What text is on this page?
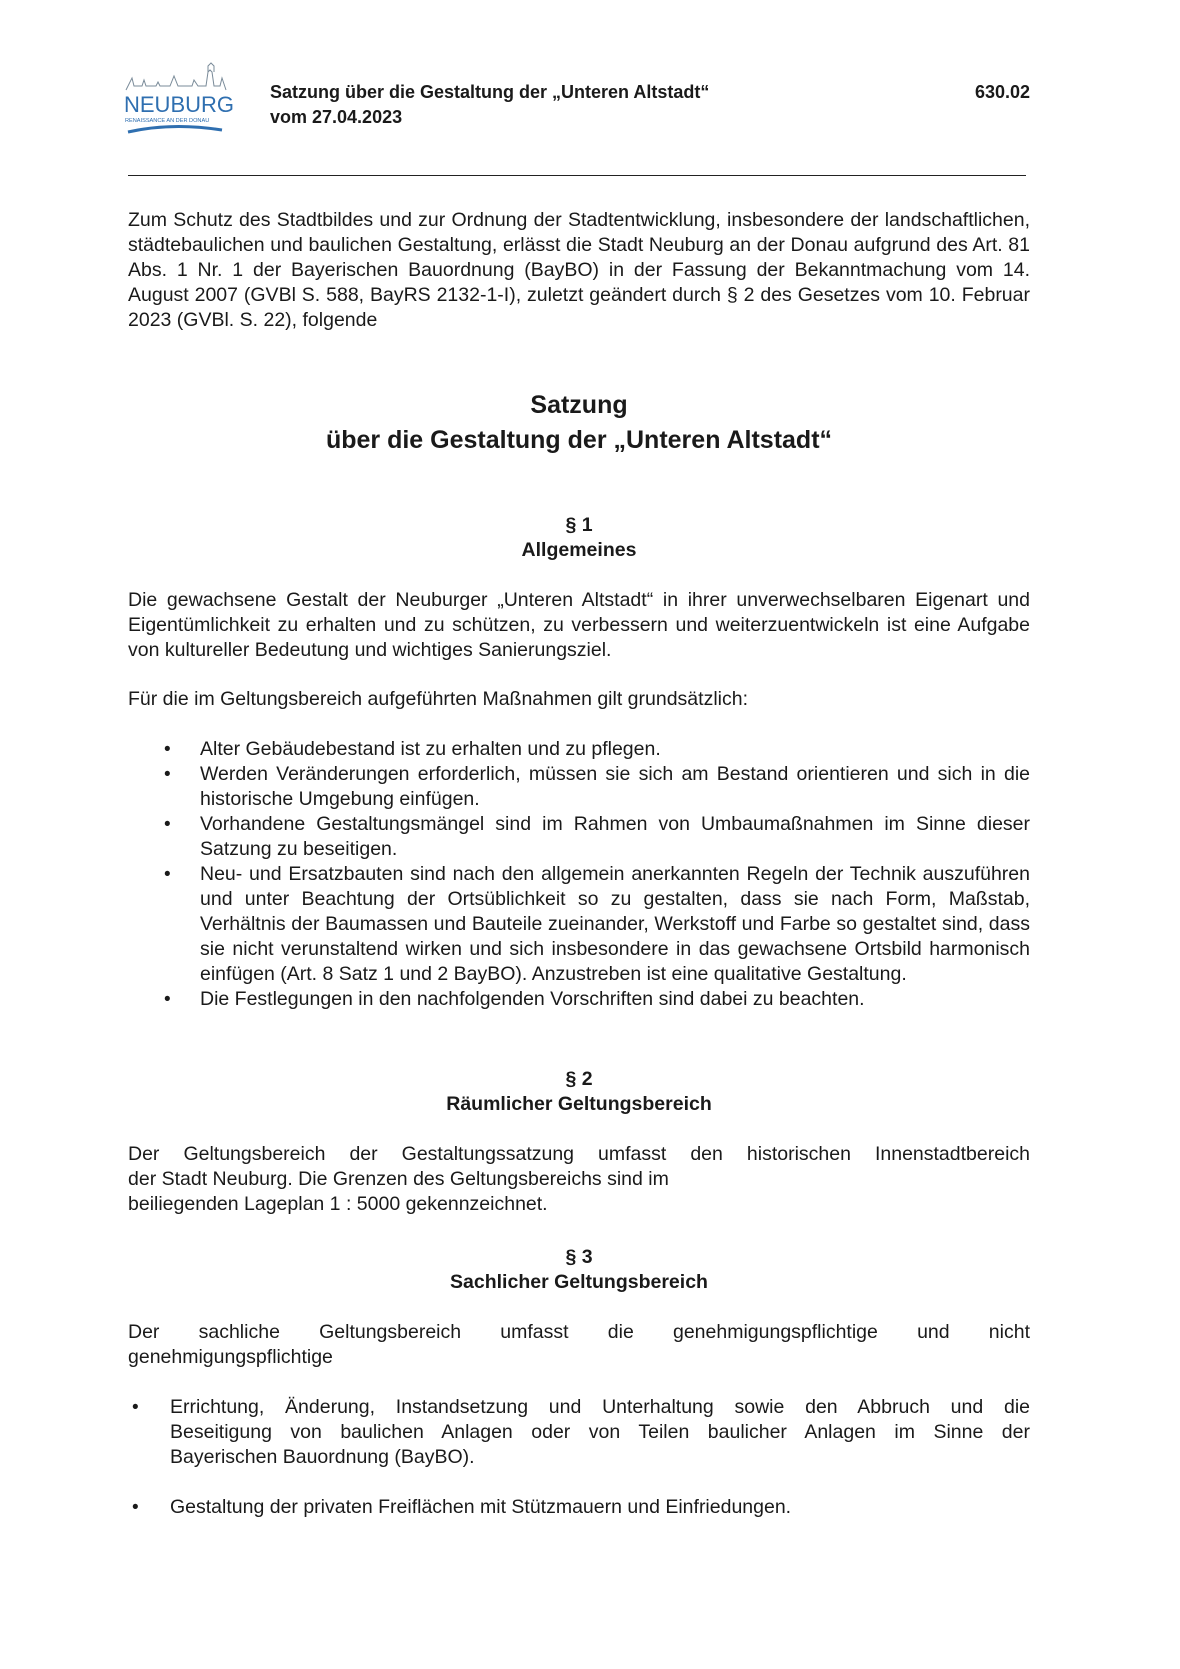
NEUBURG
RENAISSANCE AN DER DONAU
Satzung über die Gestaltung der „Unteren Altstadt“
vom 27.04.2023
630.02

Zum Schutz des Stadtbildes und zur Ordnung der Stadtentwicklung, insbesondere der landschaftlichen, städtebaulichen und baulichen Gestaltung, erlässt die Stadt Neuburg an der Donau aufgrund des Art. 81 Abs. 1 Nr. 1 der Bayerischen Bauordnung (BayBO) in der Fassung der Bekanntmachung vom 14. August 2007 (GVBl S. 588, BayRS 2132-1-I), zuletzt geändert durch § 2 des Gesetzes vom 10. Februar 2023 (GVBl. S. 22), folgende

Satzung

über die Gestaltung der „Unteren Altstadt“

§ 1

Allgemeines

Die gewachsene Gestalt der Neuburger „Unteren Altstadt“ in ihrer unverwechselbaren Eigenart und Eigentümlichkeit zu erhalten und zu schützen, zu verbessern und weiterzuentwickeln ist eine Aufgabe von kultureller Bedeutung und wichtiges Sanierungsziel.

Für die im Geltungsbereich aufgeführten Maßnahmen gilt grundsätzlich:

• Alter Gebäudebestand ist zu erhalten und zu pflegen.
• Werden Veränderungen erforderlich, müssen sie sich am Bestand orientieren und sich in die historische Umgebung einfügen.
• Vorhandene Gestaltungsmängel sind im Rahmen von Umbaumaßnahmen im Sinne dieser Satzung zu beseitigen.
• Neu- und Ersatzbauten sind nach den allgemein anerkannten Regeln der Technik auszuführen und unter Beachtung der Ortsüblichkeit so zu gestalten, dass sie nach Form, Maßstab, Verhältnis der Baumassen und Bauteile zueinander, Werkstoff und Farbe so gestaltet sind, dass sie nicht verunstaltend wirken und sich insbesondere in das gewachsene Ortsbild harmonisch einfügen (Art. 8 Satz 1 und 2 BayBO). Anzustreben ist eine qualitative Gestaltung.
• Die Festlegungen in den nachfolgenden Vorschriften sind dabei zu beachten.

§ 2

Räumlicher Geltungsbereich

Der Geltungsbereich der Gestaltungssatzung umfasst den historischen Innenstadtbereich
der Stadt Neuburg. Die Grenzen des Geltungsbereichs sind im
beiliegenden Lageplan 1 : 5000 gekennzeichnet.

§ 3

Sachlicher Geltungsbereich

Der sachliche Geltungsbereich umfasst die genehmigungspflichtige und nicht
genehmigungspflichtige
• Errichtung, Änderung, Instandsetzung und Unterhaltung sowie den Abbruch und die
Beseitigung von baulichen Anlagen oder von Teilen baulicher Anlagen im Sinne der
Bayerischen Bauordnung (BayBO).
• Gestaltung der privaten Freiflächen mit Stützmauern und Einfriedungen.
